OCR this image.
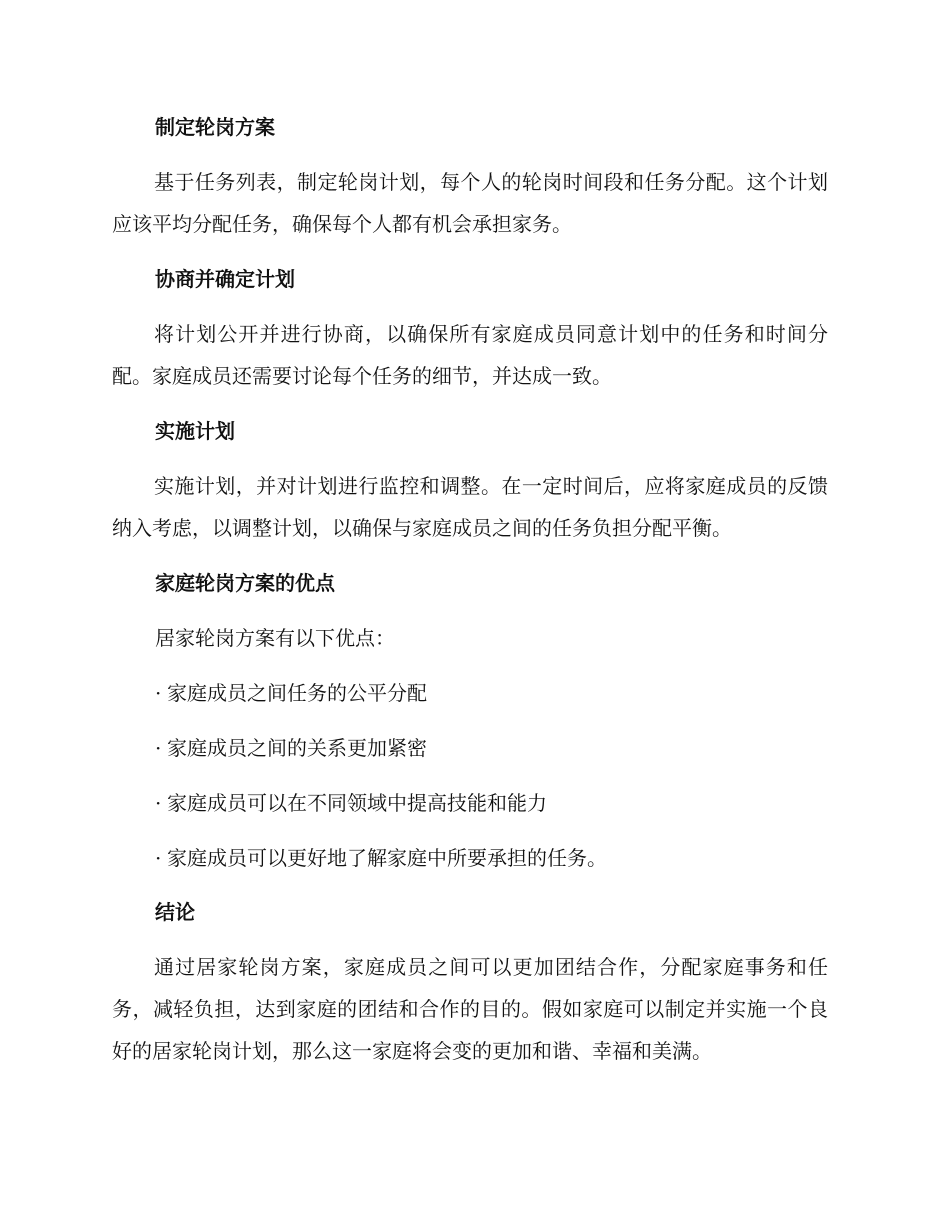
制定轮岗方案
基于任务列表，制定轮岗计划，每个人的轮岗时间段和任务分配。这个计划应该平均分配任务，确保每个人都有机会承担家务。
协商并确定计划
将计划公开并进行协商，以确保所有家庭成员同意计划中的任务和时间分配。家庭成员还需要讨论每个任务的细节，并达成一致。
实施计划
实施计划，并对计划进行监控和调整。在一定时间后，应将家庭成员的反馈纳入考虑，以调整计划，以确保与家庭成员之间的任务负担分配平衡。
家庭轮岗方案的优点
居家轮岗方案有以下优点：
· 家庭成员之间任务的公平分配
· 家庭成员之间的关系更加紧密
· 家庭成员可以在不同领域中提高技能和能力
· 家庭成员可以更好地了解家庭中所要承担的任务。
结论
通过居家轮岗方案，家庭成员之间可以更加团结合作，分配家庭事务和任务，减轻负担，达到家庭的团结和合作的目的。假如家庭可以制定并实施一个良好的居家轮岗计划，那么这一家庭将会变的更加和谐、幸福和美满。
